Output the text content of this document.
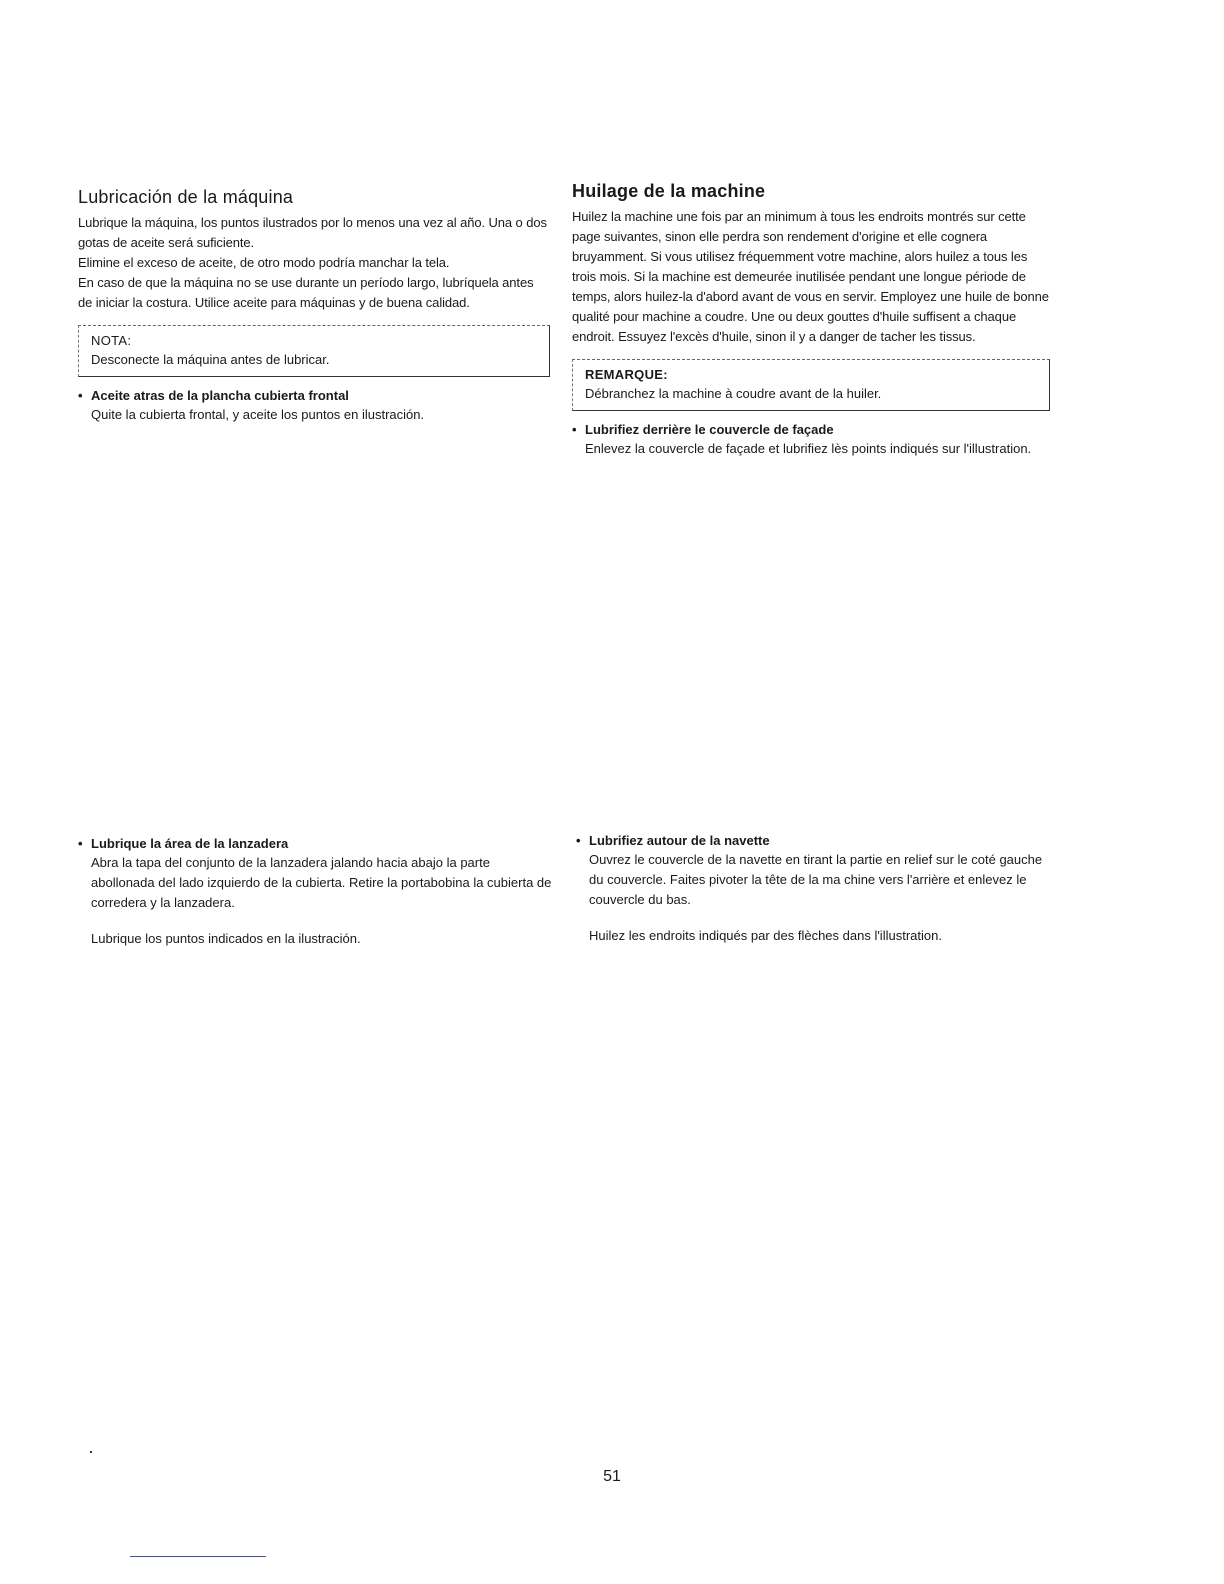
Lubricación de la máquina

Lubrique la máquina, los puntos ilustrados por lo menos una vez al año. Una o dos gotas de aceite será suficiente.

Elimine el exceso de aceite, de otro modo podría manchar la tela.

En caso de que la máquina no se use durante un período largo, lubríquela antes de iniciar la costura. Utilice aceite para máquinas y de buena calidad.

NOTA:
Desconecte la máquina antes de lubricar.
• Aceite atras de la plancha cubierta frontal
Quite la cubierta frontal, y aceite los puntos en ilustración.
Huilage de la machine

Huilez la machine une fois par an minimum à tous les endroits montrés sur cette page suivantes, sinon elle perdra son rendement d'origine et elle cognera bruyamment. Si vous utilisez fréquemment votre machine, alors huilez a tous les trois mois. Si la machine est demeurée inutilisée pendant une longue période de temps, alors huilez-la d'abord avant de vous en servir. Employez une huile de bonne qualité pour machine a coudre. Une ou deux gouttes d'huile suffisent a chaque endroit. Essuyez l'excès d'huile, sinon il y a danger de tacher les tissus.

REMARQUE:
Débranchez la machine à coudre avant de la huiler.
• Lubrifiez derrière le couvercle de façade
Enlevez la couvercle de façade et lubrifiez lès points indiqués sur l'illustration.
• Lubrique la área de la lanzadera
Abra la tapa del conjunto de la lanzadera jalando hacia abajo la parte abollonada del lado izquierdo de la cubierta. Retire la portabobina la cubierta de corredera y la lanzadera.
Lubrique los puntos indicados en la ilustración.
• Lubrifiez autour de la navette
Ouvrez le couvercle de la navette en tirant la partie en relief sur le coté gauche du couvercle. Faites pivoter la tête de la ma chine vers l'arrière et enlevez le couvercle du bas.
Huilez les endroits indiqués par des flèches dans l'illustration.
51
